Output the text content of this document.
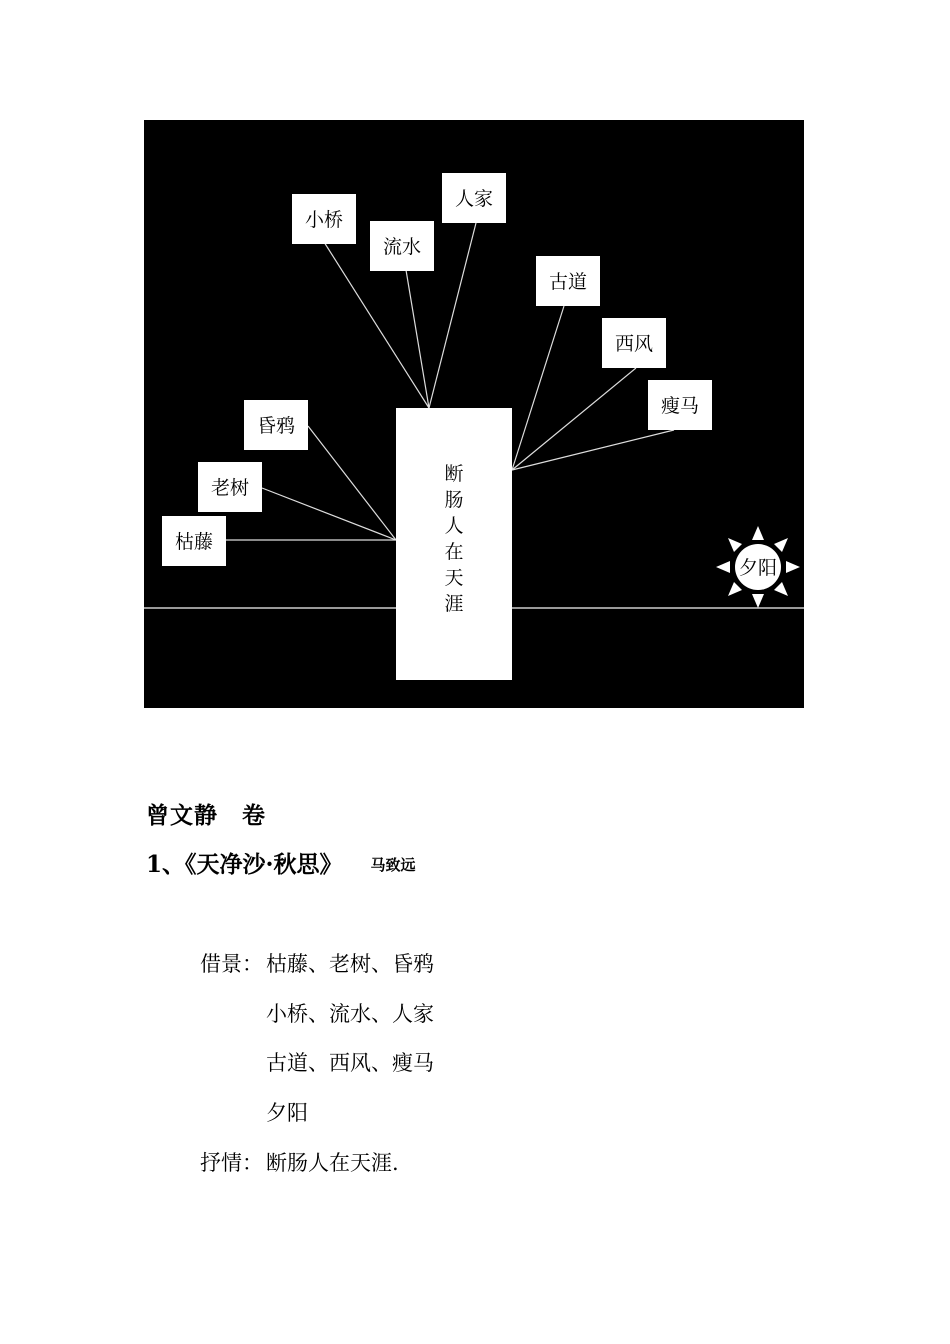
断
肠
人
在
天
涯
枯藤
老树
昏鸦
小桥
流水
人家
古道
西风
瘦马
夕阳
曾文静　卷
1、《天净沙·秋思》 马致远
借景： 枯藤、老树、昏鸦
小桥、流水、人家
古道、西风、瘦马
夕阳
抒情： 断肠人在天涯.
